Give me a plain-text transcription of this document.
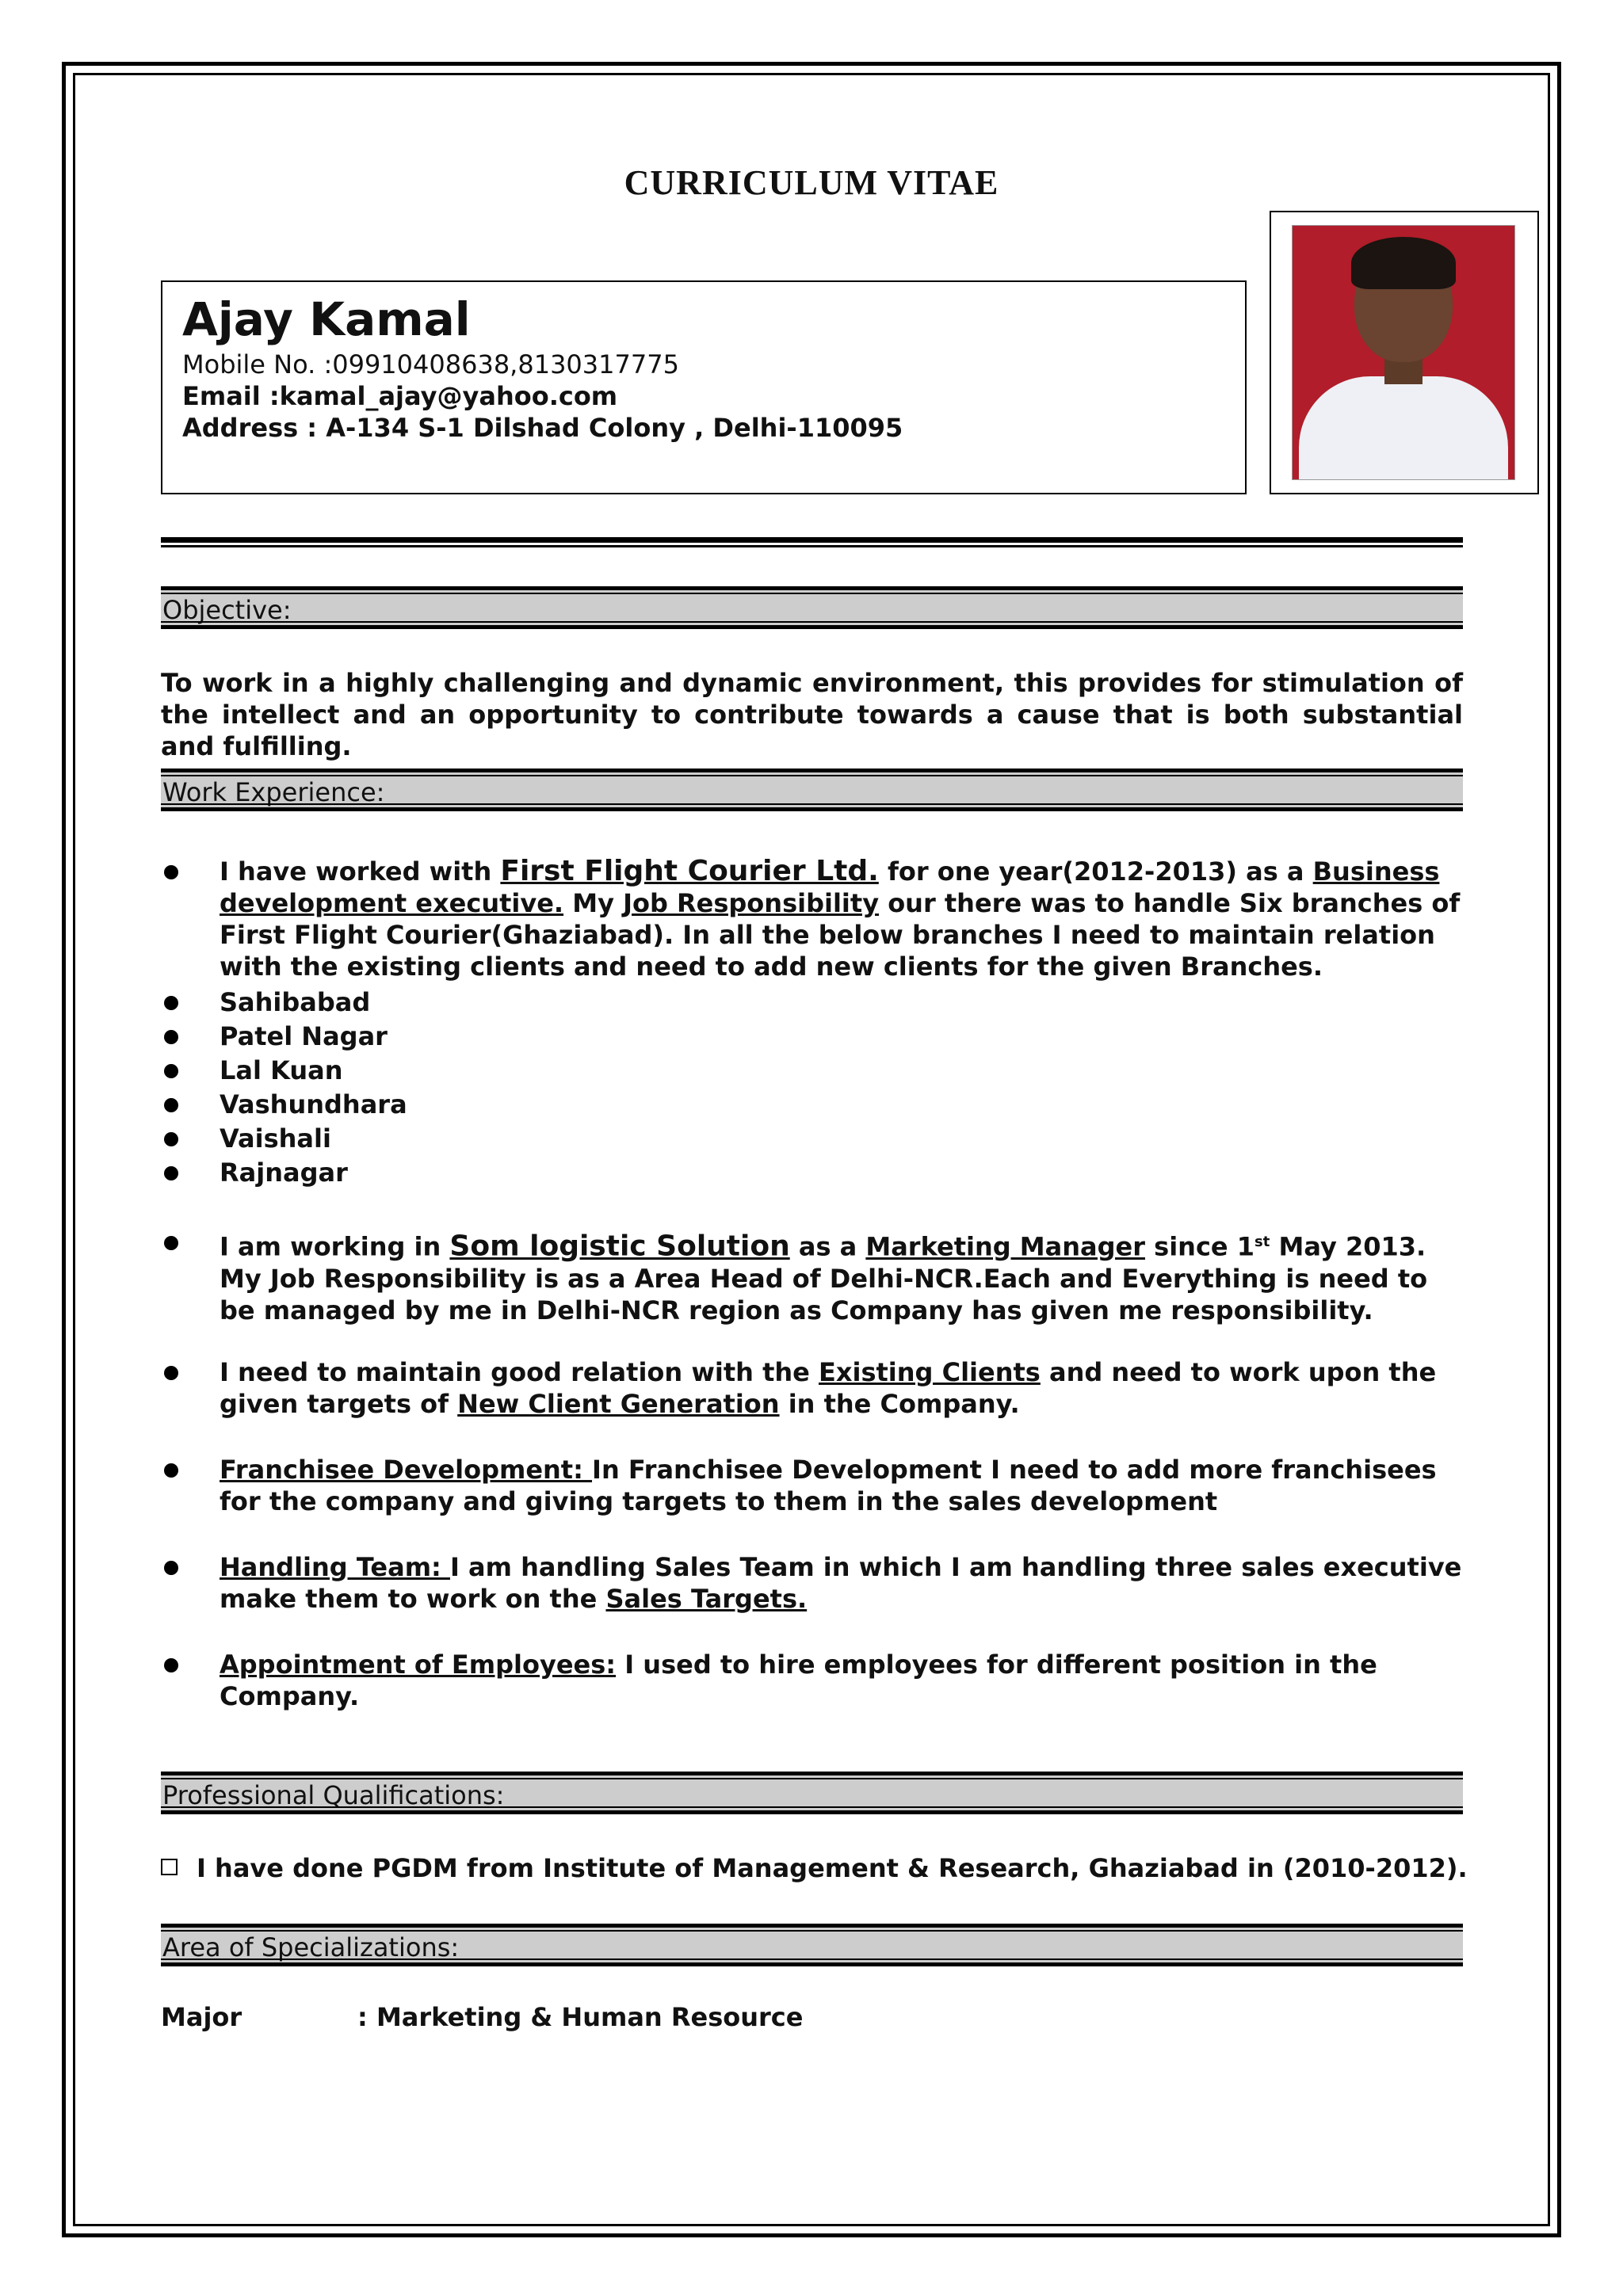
CURRICULUM VITAE
Ajay Kamal
Mobile No. :09910408638,8130317775
Email :kamal_ajay@yahoo.com
Address : A-134 S-1 Dilshad Colony , Delhi-110095
Objective:
To work in a highly challenging and dynamic environment, this provides for stimulation of the intellect and an opportunity to contribute towards a cause that is both substantial and fulfilling.
Work Experience:
I have worked with First Flight Courier Ltd. for one year(2012-2013) as a Business development executive. My Job Responsibility our there was to handle Six branches of First Flight Courier(Ghaziabad). In all the below branches I need to maintain relation with the existing clients and need to add new clients for the given Branches.
Sahibabad
Patel Nagar
Lal Kuan
Vashundhara
Vaishali
Rajnagar
I am working in Som logistic Solution as a Marketing Manager since 1st May 2013. My Job Responsibility is as a Area Head of Delhi-NCR.Each and Everything is need to be managed by me in Delhi-NCR region as Company has given me responsibility.
I need to maintain good relation with the Existing Clients and need to work upon the given targets of New Client Generation in the Company.
Franchisee Development: In Franchisee Development I need to add more franchisees for the company and giving targets to them in the sales development
Handling Team: I am handling Sales Team in which I am handling three sales executive make them to work on the Sales Targets.
Appointment of Employees: I used to hire employees for different position in the Company.
Professional Qualifications:
I have done PGDM from Institute of Management & Research, Ghaziabad in (2010-2012).
Area of Specializations:
Major	: Marketing & Human Resource
